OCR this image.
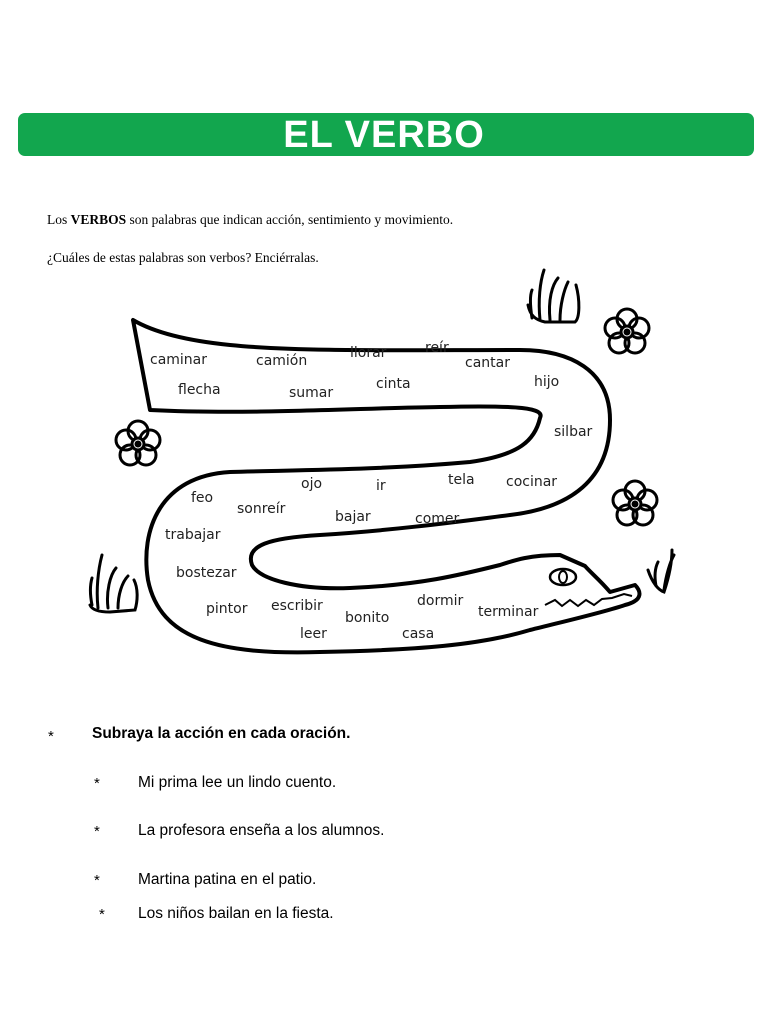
EL VERBO
Los VERBOS son palabras que indican acción, sentimiento y movimiento.
¿Cuáles de estas palabras son verbos? Enciérralas.
caminar	camión	llorar	reír
cantar
flecha	sumar
cinta	hijo
silbar
ojo	ir	tela cocinar
feo
sonreír	bajar	comer
trabajar
bostezar
pintor escribir
bonito
dormir
terminar
leer	casa
* Subraya la acción en cada oración.
* Mi prima lee un lindo cuento.
* La profesora enseña a los alumnos.
* Martina patina en el patio.
* Los niños bailan en la fiesta.
